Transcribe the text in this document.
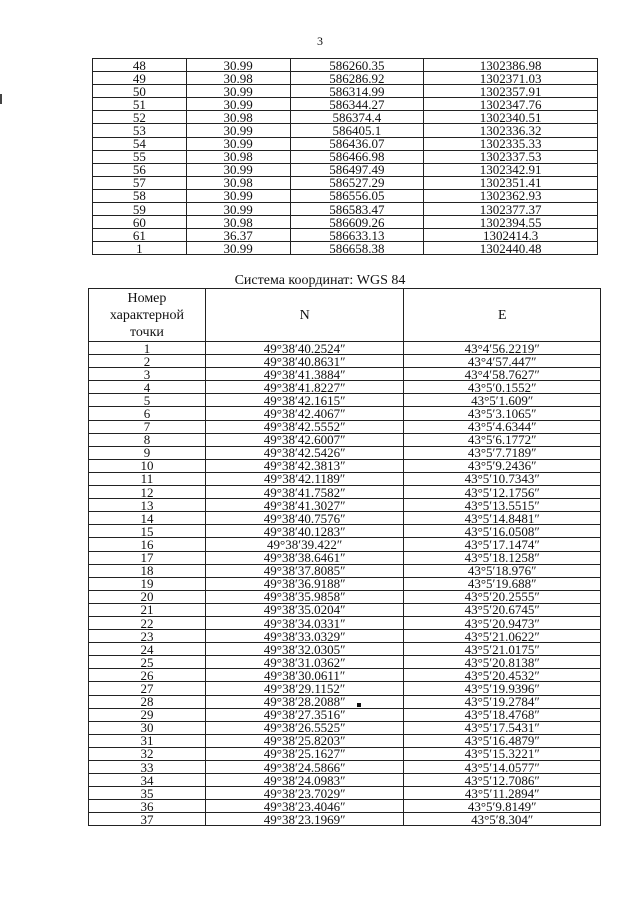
3
48	30.99	586260.35	1302386.98
49	30.98	586286.92	1302371.03
50	30.99	586314.99	1302357.91
51	30.99	586344.27	1302347.76
52	30.98	586374.4	1302340.51
53	30.99	586405.1	1302336.32
54	30.99	586436.07	1302335.33
55	30.98	586466.98	1302337.53
56	30.99	586497.49	1302342.91
57	30.98	586527.29	1302351.41
58	30.99	586556.05	1302362.93
59	30.99	586583.47	1302377.37
60	30.98	586609.26	1302394.55
61	36.37	586633.13	1302414.3
1	30.99	586658.38	1302440.48
Система координат: WGS 84
Номер характерной точки	N	E
1	49°38′40.2524″	43°4′56.2219″
2	49°38′40.8631″	43°4′57.447″
3	49°38′41.3884″	43°4′58.7627″
4	49°38′41.8227″	43°5′0.1552″
5	49°38′42.1615″	43°5′1.609″
6	49°38′42.4067″	43°5′3.1065″
7	49°38′42.5552″	43°5′4.6344″
8	49°38′42.6007″	43°5′6.1772″
9	49°38′42.5426″	43°5′7.7189″
10	49°38′42.3813″	43°5′9.2436″
11	49°38′42.1189″	43°5′10.7343″
12	49°38′41.7582″	43°5′12.1756″
13	49°38′41.3027″	43°5′13.5515″
14	49°38′40.7576″	43°5′14.8481″
15	49°38′40.1283″	43°5′16.0508″
16	49°38′39.422″	43°5′17.1474″
17	49°38′38.6461″	43°5′18.1258″
18	49°38′37.8085″	43°5′18.976″
19	49°38′36.9188″	43°5′19.688″
20	49°38′35.9858″	43°5′20.2555″
21	49°38′35.0204″	43°5′20.6745″
22	49°38′34.0331″	43°5′20.9473″
23	49°38′33.0329″	43°5′21.0622″
24	49°38′32.0305″	43°5′21.0175″
25	49°38′31.0362″	43°5′20.8138″
26	49°38′30.0611″	43°5′20.4532″
27	49°38′29.1152″	43°5′19.9396″
28	49°38′28.2088″	43°5′19.2784″
29	49°38′27.3516″	43°5′18.4768″
30	49°38′26.5525″	43°5′17.5431″
31	49°38′25.8203″	43°5′16.4879″
32	49°38′25.1627″	43°5′15.3221″
33	49°38′24.5866″	43°5′14.0577″
34	49°38′24.0983″	43°5′12.7086″
35	49°38′23.7029″	43°5′11.2894″
36	49°38′23.4046″	43°5′9.8149″
37	49°38′23.1969″	43°5′8.304″
